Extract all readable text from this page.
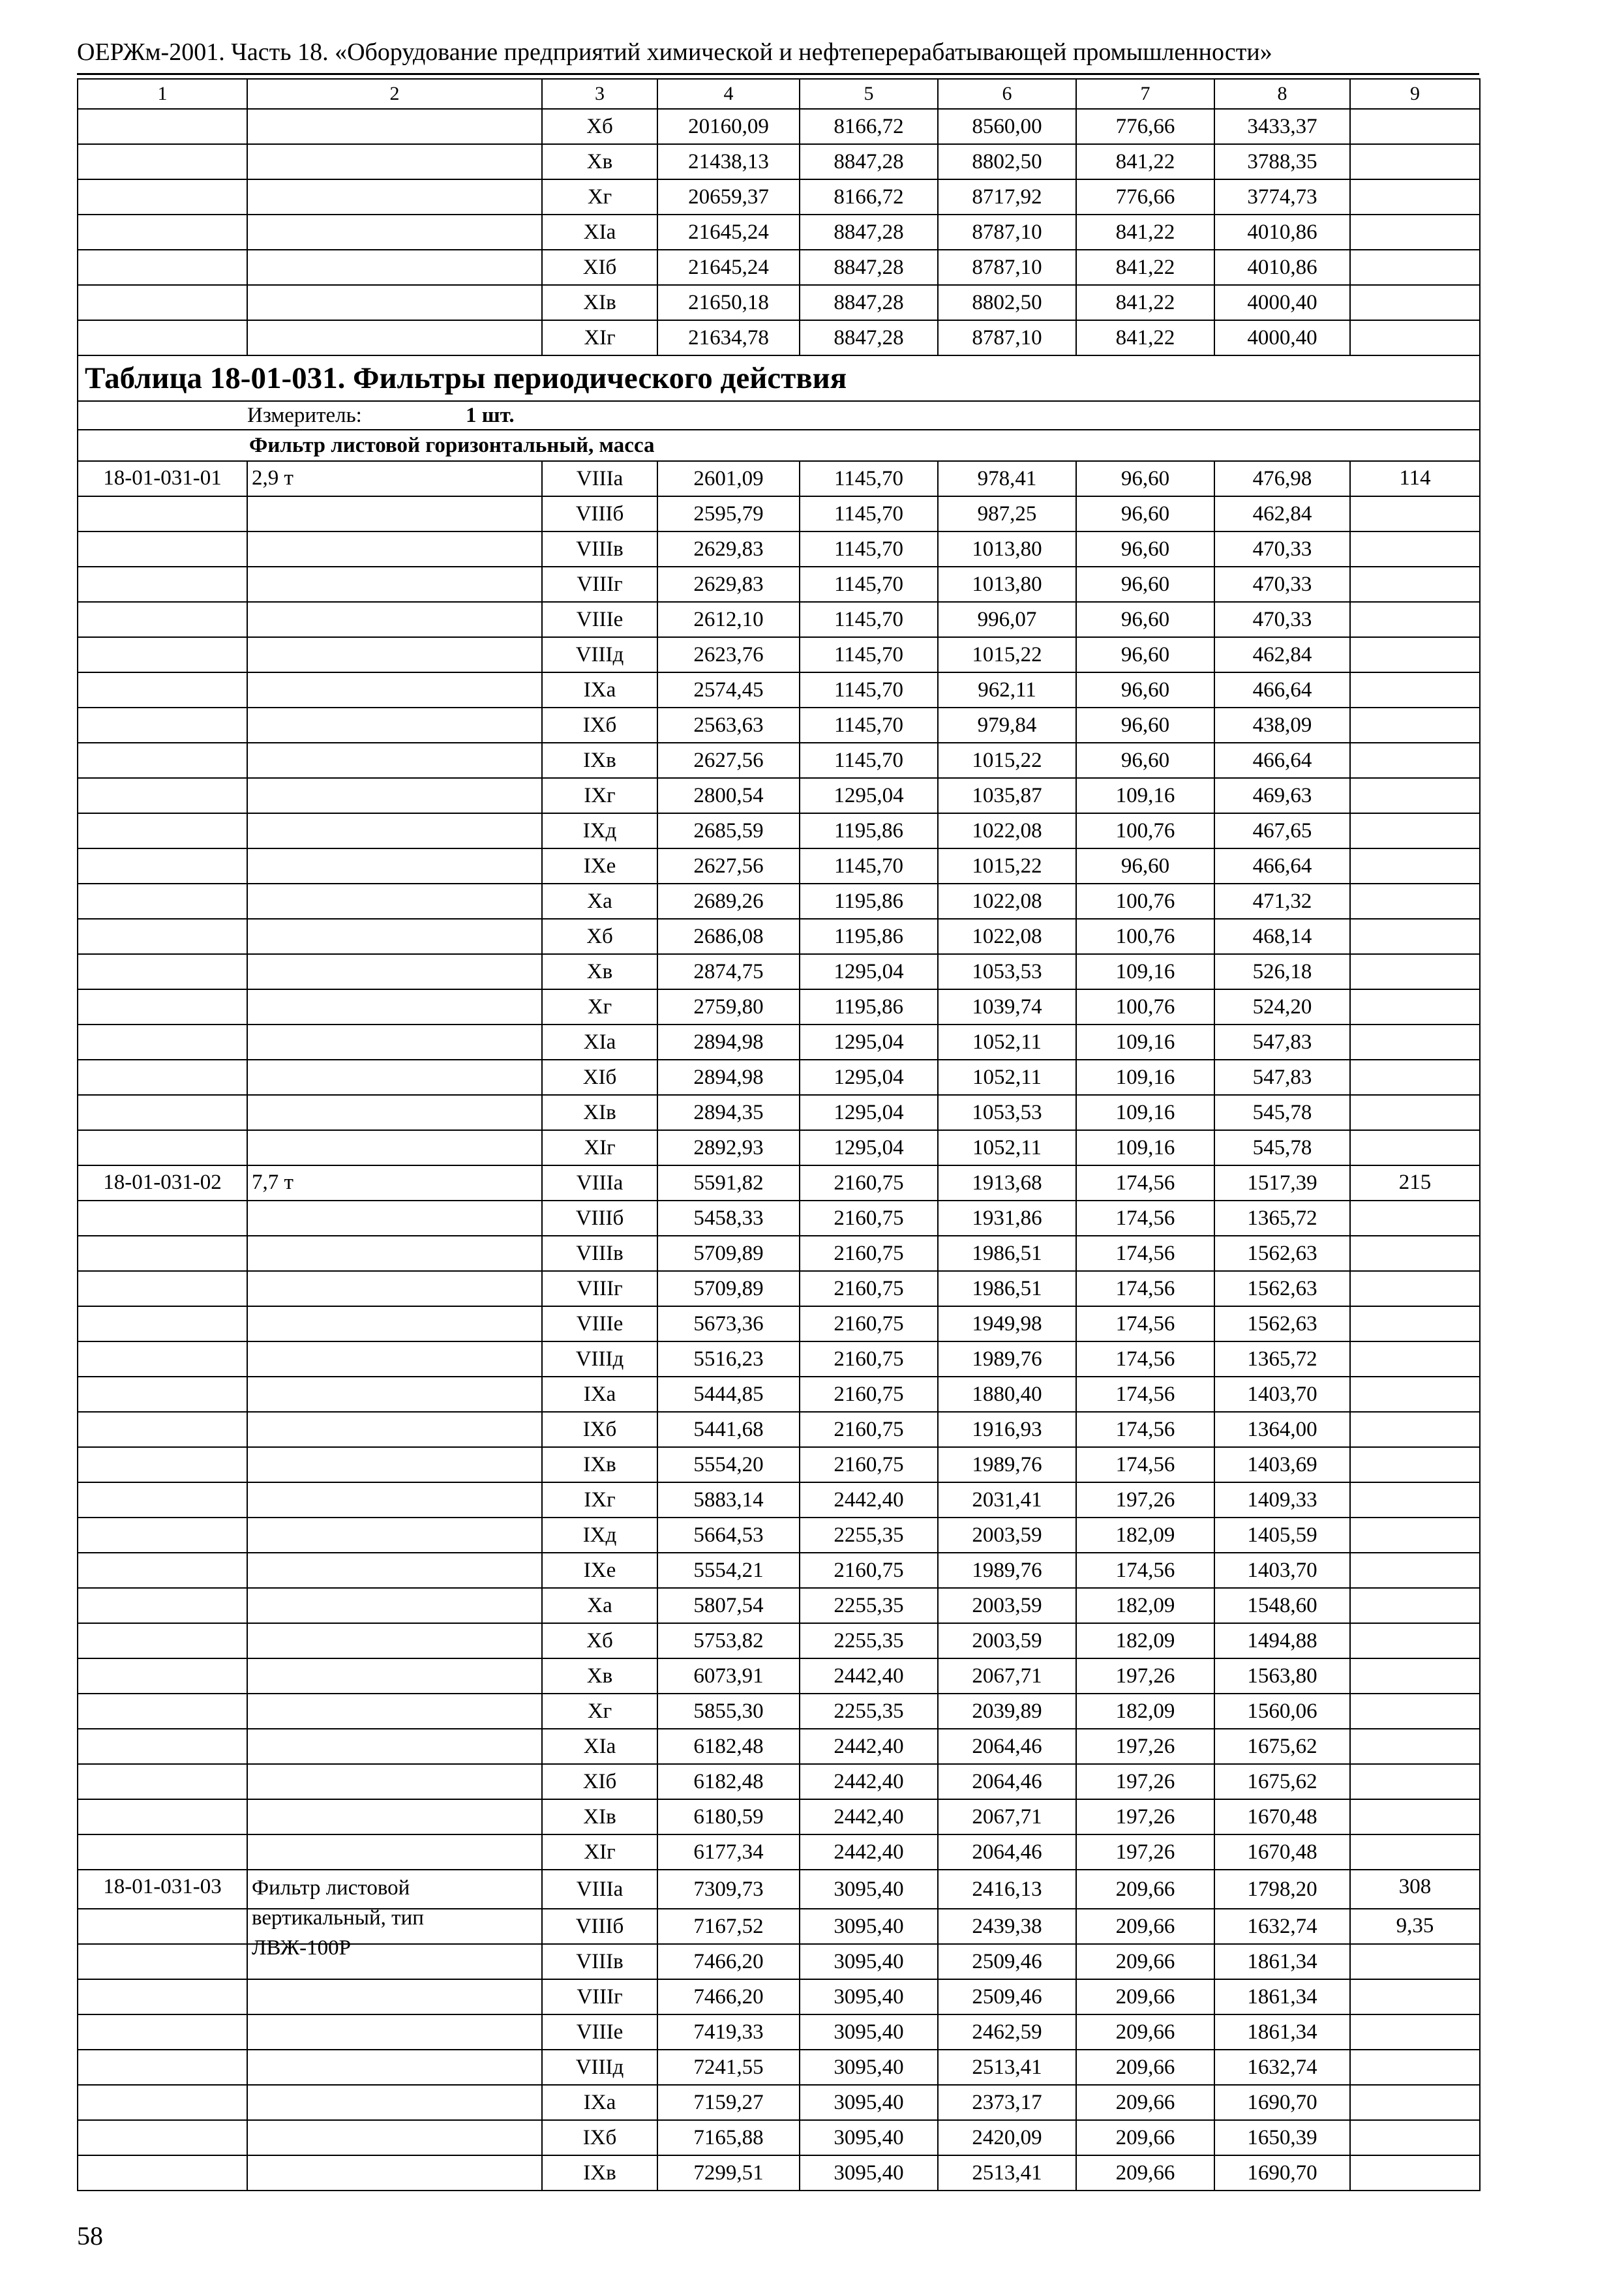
ОЕРЖм-2001. Часть 18. «Оборудование предприятий химической и нефтеперерабатывающей промышленности»
1	2	3	4	5	6	7	8	9
		Хб	20160,09	8166,72	8560,00	776,66	3433,37	
		Хв	21438,13	8847,28	8802,50	841,22	3788,35	
		Хг	20659,37	8166,72	8717,92	776,66	3774,73	
		XIа	21645,24	8847,28	8787,10	841,22	4010,86	
		XIб	21645,24	8847,28	8787,10	841,22	4010,86	
		XIв	21650,18	8847,28	8802,50	841,22	4000,40	
		XIг	21634,78	8847,28	8787,10	841,22	4000,40	
Таблица 18-01-031. Фильтры периодического действия								
Измеритель: 1 шт.								
Фильтр листовой горизонтальный, масса								
18-01-031-01	2,9 т	VIIIа	2601,09	1145,70	978,41	96,60	476,98	114
		VIIIб	2595,79	1145,70	987,25	96,60	462,84	
		VIIIв	2629,83	1145,70	1013,80	96,60	470,33	
		VIIIг	2629,83	1145,70	1013,80	96,60	470,33	
		VIIIе	2612,10	1145,70	996,07	96,60	470,33	
		VIIIд	2623,76	1145,70	1015,22	96,60	462,84	
		IXа	2574,45	1145,70	962,11	96,60	466,64	
		IXб	2563,63	1145,70	979,84	96,60	438,09	
		IXв	2627,56	1145,70	1015,22	96,60	466,64	
		IXг	2800,54	1295,04	1035,87	109,16	469,63	
		IXд	2685,59	1195,86	1022,08	100,76	467,65	
		IXе	2627,56	1145,70	1015,22	96,60	466,64	
		Ха	2689,26	1195,86	1022,08	100,76	471,32	
		Хб	2686,08	1195,86	1022,08	100,76	468,14	
		Хв	2874,75	1295,04	1053,53	109,16	526,18	
		Хг	2759,80	1195,86	1039,74	100,76	524,20	
		XIа	2894,98	1295,04	1052,11	109,16	547,83	
		XIб	2894,98	1295,04	1052,11	109,16	547,83	
		XIв	2894,35	1295,04	1053,53	109,16	545,78	
		XIг	2892,93	1295,04	1052,11	109,16	545,78	
18-01-031-02	7,7 т	VIIIа	5591,82	2160,75	1913,68	174,56	1517,39	215
		VIIIб	5458,33	2160,75	1931,86	174,56	1365,72	
		VIIIв	5709,89	2160,75	1986,51	174,56	1562,63	
		VIIIг	5709,89	2160,75	1986,51	174,56	1562,63	
		VIIIе	5673,36	2160,75	1949,98	174,56	1562,63	
		VIIIд	5516,23	2160,75	1989,76	174,56	1365,72	
		IXа	5444,85	2160,75	1880,40	174,56	1403,70	
		IXб	5441,68	2160,75	1916,93	174,56	1364,00	
		IXв	5554,20	2160,75	1989,76	174,56	1403,69	
		IXг	5883,14	2442,40	2031,41	197,26	1409,33	
		IXд	5664,53	2255,35	2003,59	182,09	1405,59	
		IXе	5554,21	2160,75	1989,76	174,56	1403,70	
		Ха	5807,54	2255,35	2003,59	182,09	1548,60	
		Хб	5753,82	2255,35	2003,59	182,09	1494,88	
		Хв	6073,91	2442,40	2067,71	197,26	1563,80	
		Хг	5855,30	2255,35	2039,89	182,09	1560,06	
		XIа	6182,48	2442,40	2064,46	197,26	1675,62	
		XIб	6182,48	2442,40	2064,46	197,26	1675,62	
		XIв	6180,59	2442,40	2067,71	197,26	1670,48	
		XIг	6177,34	2442,40	2064,46	197,26	1670,48	
18-01-031-03	Фильтр листовой вертикальный, тип ЛВЖ-100Р	VIIIа	7309,73	3095,40	2416,13	209,66	1798,20	308
		VIIIб	7167,52	3095,40	2439,38	209,66	1632,74	9,35
		VIIIв	7466,20	3095,40	2509,46	209,66	1861,34	
		VIIIг	7466,20	3095,40	2509,46	209,66	1861,34	
		VIIIе	7419,33	3095,40	2462,59	209,66	1861,34	
		VIIIд	7241,55	3095,40	2513,41	209,66	1632,74	
		IXа	7159,27	3095,40	2373,17	209,66	1690,70	
		IXб	7165,88	3095,40	2420,09	209,66	1650,39	
		IXв	7299,51	3095,40	2513,41	209,66	1690,70	
58
